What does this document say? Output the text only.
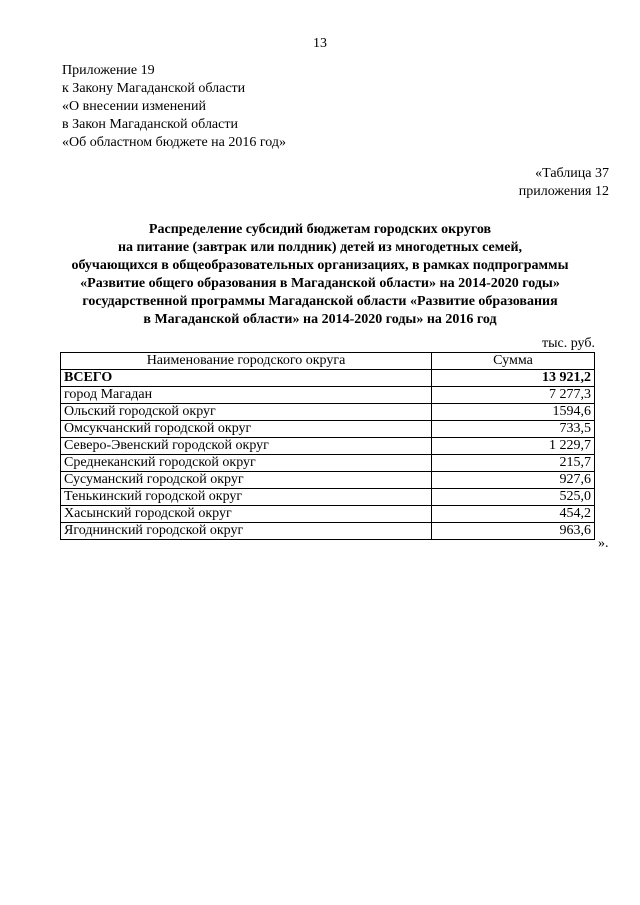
13
Приложение 19
к Закону Магаданской области
«О внесении изменений
в Закон Магаданской области
«Об областном бюджете на 2016 год»
«Таблица 37
приложения 12
Распределение субсидий бюджетам городских округов
на питание (завтрак или полдник) детей из многодетных семей,
обучающихся в общеобразовательных организациях, в рамках подпрограммы
«Развитие общего образования в Магаданской области» на 2014-2020 годы»
государственной программы Магаданской области «Развитие образования
в Магаданской области» на 2014-2020 годы» на 2016 год
тыс. руб.
Наименование городского округа	Сумма
ВСЕГО	13 921,2
город Магадан	7 277,3
Ольский городской округ	1594,6
Омсукчанский городской округ	733,5
Северо-Эвенский городской округ	1 229,7
Среднеканский городской округ	215,7
Сусуманский городской округ	927,6
Тенькинский городской округ	525,0
Хасынский городской округ	454,2
Ягоднинский городской округ	963,6
».
